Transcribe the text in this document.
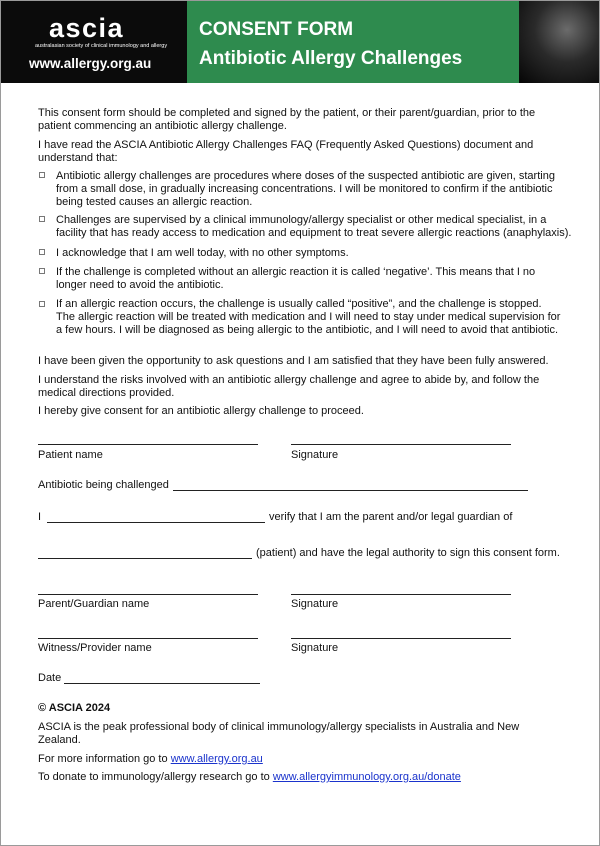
ascia
australasian society of clinical immunology and allergy
www.allergy.org.au
CONSENT FORM
Antibiotic Allergy Challenges
This consent form should be completed and signed by the patient, or their parent/guardian, prior to the
patient commencing an antibiotic allergy challenge.
I have read the ASCIA Antibiotic Allergy Challenges FAQ (Frequently Asked Questions) document and
understand that:
Antibiotic allergy challenges are procedures where doses of the suspected antibiotic are given, starting
from a small dose, in gradually increasing concentrations. I will be monitored to confirm if the antibiotic
being tested causes an allergic reaction.
Challenges are supervised by a clinical immunology/allergy specialist or other medical specialist, in a
facility that has ready access to medication and equipment to treat severe allergic reactions (anaphylaxis).
I acknowledge that I am well today, with no other symptoms.
If the challenge is completed without an allergic reaction it is called ‘negative’. This means that I no
longer need to avoid the antibiotic.
If an allergic reaction occurs, the challenge is usually called “positive”, and the challenge is stopped.
The allergic reaction will be treated with medication and I will need to stay under medical supervision for
a few hours. I will be diagnosed as being allergic to the antibiotic, and I will need to avoid that antibiotic.
I have been given the opportunity to ask questions and I am satisfied that they have been fully answered.
I understand the risks involved with an antibiotic allergy challenge and agree to abide by, and follow the
medical directions provided.
I hereby give consent for an antibiotic allergy challenge to proceed.
Patient name	Signature
Antibiotic being challenged
I	verify that I am the parent and/or legal guardian of
(patient) and have the legal authority to sign this consent form.
Parent/Guardian name	Signature
Witness/Provider name	Signature
Date
© ASCIA 2024
ASCIA is the peak professional body of clinical immunology/allergy specialists in Australia and New
Zealand.
For more information go to www.allergy.org.au
To donate to immunology/allergy research go to www.allergyimmunology.org.au/donate
